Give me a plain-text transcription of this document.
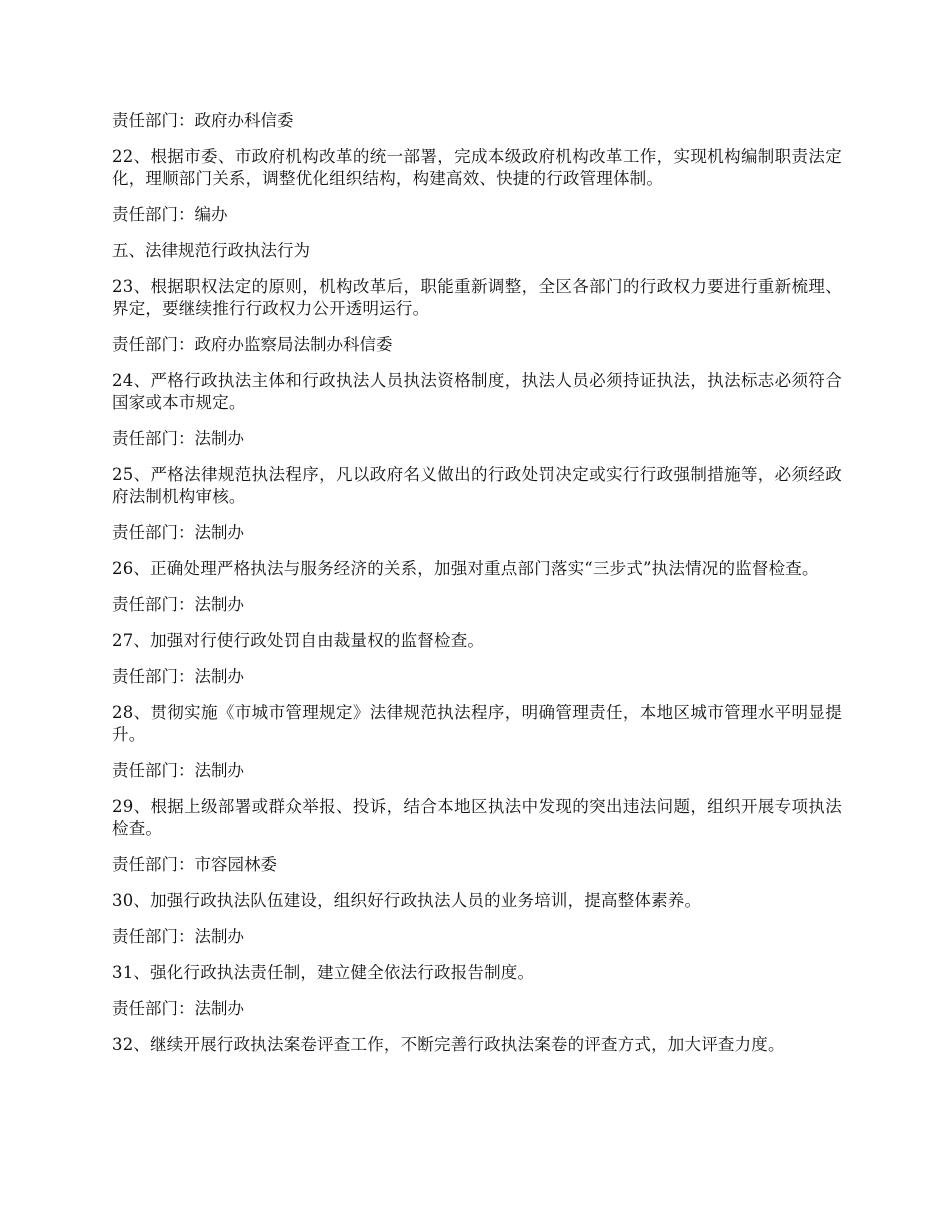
责任部门：政府办科信委

22、根据市委、市政府机构改革的统一部署，完成本级政府机构改革工作，实现机构编制职责法定化，理顺部门关系，调整优化组织结构，构建高效、快捷的行政管理体制。

责任部门：编办

五、法律规范行政执法行为

23、根据职权法定的原则，机构改革后，职能重新调整，全区各部门的行政权力要进行重新梳理、界定，要继续推行行政权力公开透明运行。

责任部门：政府办监察局法制办科信委

24、严格行政执法主体和行政执法人员执法资格制度，执法人员必须持证执法，执法标志必须符合国家或本市规定。

责任部门：法制办

25、严格法律规范执法程序，凡以政府名义做出的行政处罚决定或实行行政强制措施等，必须经政府法制机构审核。

责任部门：法制办

26、正确处理严格执法与服务经济的关系，加强对重点部门落实“三步式”执法情况的监督检查。

责任部门：法制办

27、加强对行使行政处罚自由裁量权的监督检查。

责任部门：法制办

28、贯彻实施《市城市管理规定》法律规范执法程序，明确管理责任，本地区城市管理水平明显提升。

责任部门：法制办

29、根据上级部署或群众举报、投诉，结合本地区执法中发现的突出违法问题，组织开展专项执法检查。

责任部门：市容园林委

30、加强行政执法队伍建设，组织好行政执法人员的业务培训，提高整体素养。

责任部门：法制办

31、强化行政执法责任制，建立健全依法行政报告制度。

责任部门：法制办

32、继续开展行政执法案卷评查工作，不断完善行政执法案卷的评查方式，加大评查力度。
